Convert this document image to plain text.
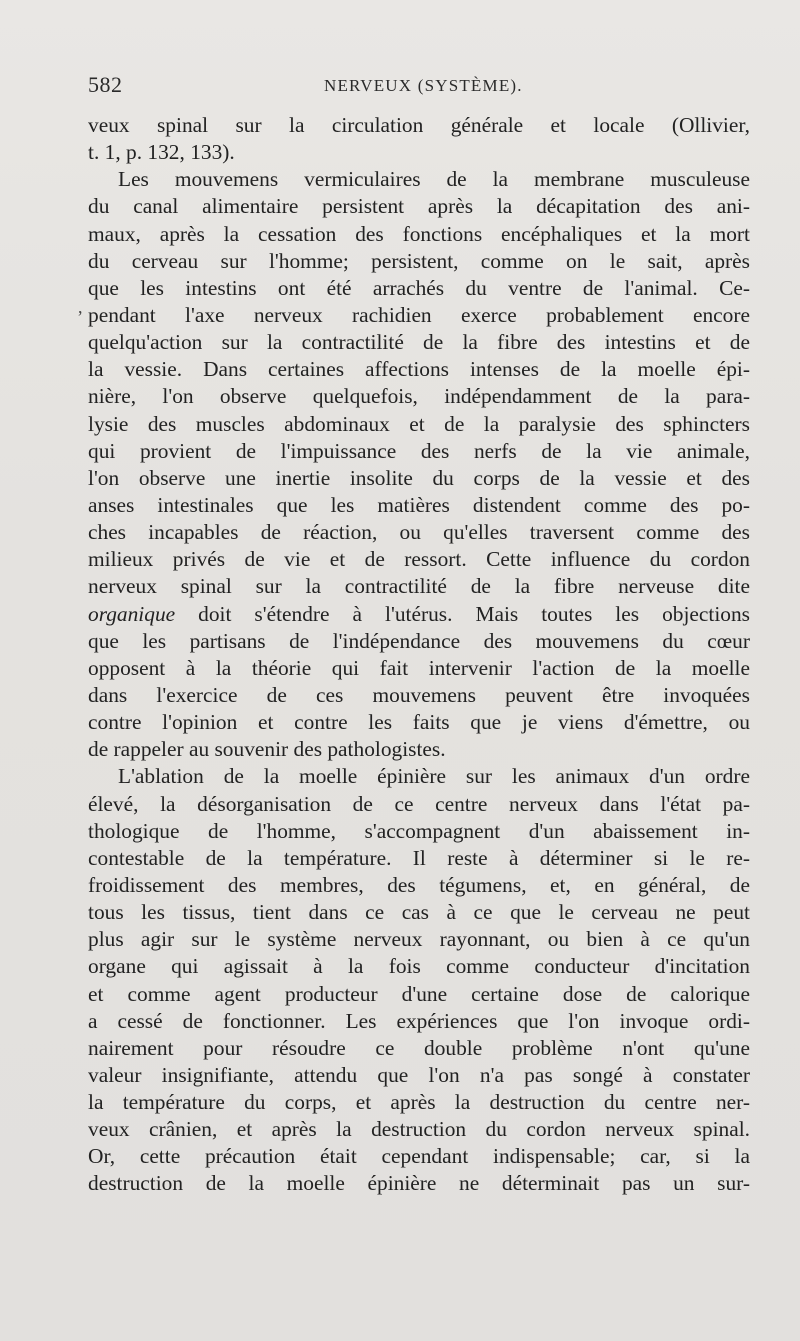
582	NERVEUX (SYSTÈME).
,
veux spinal sur la circulation générale et locale (Ollivier,
t. 1, p. 132, 133).
Les mouvemens vermiculaires de la membrane musculeuse
du canal alimentaire persistent après la décapitation des ani-
maux, après la cessation des fonctions encéphaliques et la mort
du cerveau sur l'homme; persistent, comme on le sait, après
que les intestins ont été arrachés du ventre de l'animal. Ce-
pendant l'axe nerveux rachidien exerce probablement encore
quelqu'action sur la contractilité de la fibre des intestins et de
la vessie. Dans certaines affections intenses de la moelle épi-
nière, l'on observe quelquefois, indépendamment de la para-
lysie des muscles abdominaux et de la paralysie des sphincters
qui provient de l'impuissance des nerfs de la vie animale,
l'on observe une inertie insolite du corps de la vessie et des
anses intestinales que les matières distendent comme des po-
ches incapables de réaction, ou qu'elles traversent comme des
milieux privés de vie et de ressort. Cette influence du cordon
nerveux spinal sur la contractilité de la fibre nerveuse dite
organique doit s'étendre à l'utérus. Mais toutes les objections
que les partisans de l'indépendance des mouvemens du cœur
opposent à la théorie qui fait intervenir l'action de la moelle
dans l'exercice de ces mouvemens peuvent être invoquées
contre l'opinion et contre les faits que je viens d'émettre, ou
de rappeler au souvenir des pathologistes.
L'ablation de la moelle épinière sur les animaux d'un ordre
élevé, la désorganisation de ce centre nerveux dans l'état pa-
thologique de l'homme, s'accompagnent d'un abaissement in-
contestable de la température. Il reste à déterminer si le re-
froidissement des membres, des tégumens, et, en général, de
tous les tissus, tient dans ce cas à ce que le cerveau ne peut
plus agir sur le système nerveux rayonnant, ou bien à ce qu'un
organe qui agissait à la fois comme conducteur d'incitation
et comme agent producteur d'une certaine dose de calorique
a cessé de fonctionner. Les expériences que l'on invoque ordi-
nairement pour résoudre ce double problème n'ont qu'une
valeur insignifiante, attendu que l'on n'a pas songé à constater
la température du corps, et après la destruction du centre ner-
veux crânien, et après la destruction du cordon nerveux spinal.
Or, cette précaution était cependant indispensable; car, si la
destruction de la moelle épinière ne déterminait pas un sur-
